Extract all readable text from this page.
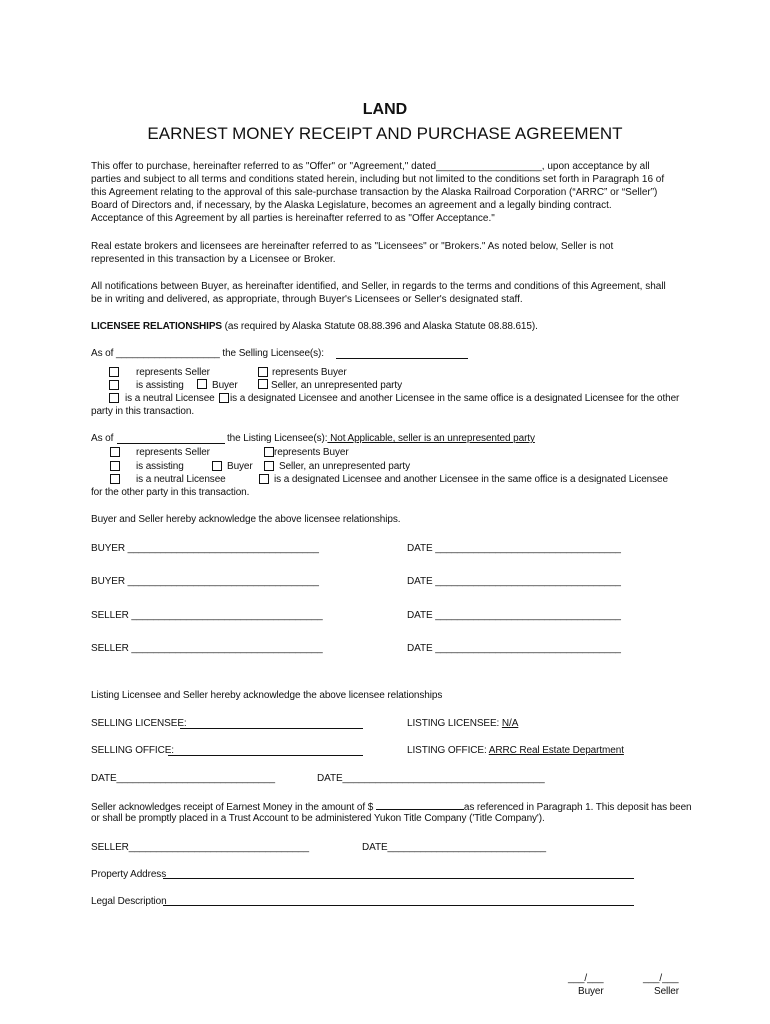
LAND
EARNEST MONEY RECEIPT AND PURCHASE AGREEMENT

This offer to purchase, hereinafter referred to as "Offer" or "Agreement," dated___________________, upon acceptance by all

parties and subject to all terms and conditions stated herein, including but not limited to the conditions set forth in Paragraph 16 of

this Agreement relating to the approval of this sale-purchase transaction by the Alaska Railroad Corporation (“ARRC” or “Seller”)

Board of Directors and, if necessary, by the Alaska Legislature, becomes an agreement and a legally binding contract.

Acceptance of this Agreement by all parties is hereinafter referred to as "Offer Acceptance."

Real estate brokers and licensees are hereinafter referred to as "Licensees" or "Brokers." As noted below, Seller is not

represented in this transaction by a Licensee or Broker.

All notifications between Buyer, as hereinafter identified, and Seller, in regards to the terms and conditions of this Agreement, shall

be in writing and delivered, as appropriate, through Buyer's Licensees or Seller's designated staff.

LICENSEE RELATIONSHIPS (as required by Alaska Statute 08.88.396 and Alaska Statute 08.88.615).
As of ___________________ the Selling Licensee(s):
represents Seller	represents Buyer
is assisting	Buyer	Seller, an unrepresented party
is a neutral Licensee is a designated Licensee and another Licensee in the same office is a designated Licensee for the other
party in this transaction.
As of	the Listing Licensee(s): Not Applicable, seller is an unrepresented party
represents Seller	represents Buyer
is assisting	Buyer	Seller, an unrepresented party
is a neutral Licensee	is a designated Licensee and another Licensee in the same office is a designated Licensee
for the other party in this transaction.
Buyer and Seller hereby acknowledge the above licensee relationships.
BUYER ___________________________________	DATE __________________________________
BUYER ___________________________________	DATE __________________________________
SELLER ___________________________________	DATE __________________________________
SELLER ___________________________________	DATE __________________________________
Listing Licensee and Seller hereby acknowledge the above licensee relationships
SELLING LICENSEE:	LISTING LICENSEE: N/A
SELLING OFFICE:	LISTING OFFICE: ARRC Real Estate Department
DATE_____________________________	DATE_____________________________________
Seller acknowledges receipt of Earnest Money in the amount of $	as referenced in Paragraph 1. This deposit has been
or shall be promptly placed in a Trust Account to be administered Yukon Title Company ('Title Company').
SELLER_________________________________	DATE_____________________________
Property Address
Legal Description
___/___
Buyer
___/___
Seller
